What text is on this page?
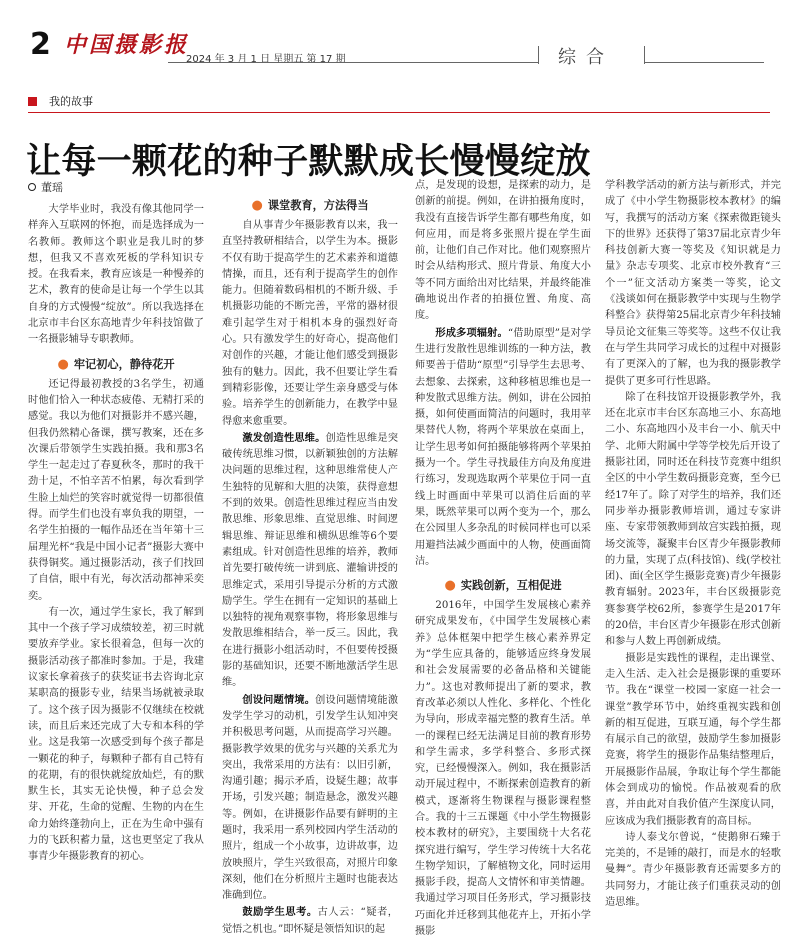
2 中国摄影报
2024 年 3 月 1 日 星期五 第 17 期	综合
我的故事
让每一颗花的种子默默成长慢慢绽放
董瑶

大学毕业时，我没有像其他同学一样奔入互联网的怀抱，而是选择成为一名教师。教师这个职业是我儿时的梦想，但我又不喜欢死板的学科知识专授。在我看来，教育应该是一种慢养的艺术，教育的使命是让每一个学生以其自身的方式慢慢“绽放”。所以我选择在北京市丰台区东高地青少年科技馆做了一名摄影辅导专职教师。

● 牢记初心，静待花开

还记得最初教授的3名学生，初通时他们恰入一种状态疲倦、无精打采的感觉。我以为他们对摄影并不感兴趣，但我仍然精心备课，撰写教案，还在多次课后带领学生实践拍摄。我和那3名学生一起走过了春夏秋冬，那时的我干劲十足，不怕辛苦不怕累，每次看到学生脸上灿烂的笑容时就觉得一切都很值得。而学生们也没有辜负我的期望，一名学生拍摄的一幅作品还在当年第十三届理光杯“我是中国小记者”摄影大赛中获得铜奖。通过摄影活动，孩子们找回了自信，眼中有光，每次活动都神采奕奕。

有一次，通过学生家长，我了解到其中一个孩子学习成绩较差，初三时就要放弃学业。家长很着急，但每一次的摄影活动孩子都准时参加。于是，我建议家长拿着孩子的获奖证书去咨询北京某职高的摄影专业，结果当场就被录取了。这个孩子因为摄影不仅继续在校就读，而且后来还完成了大专和本科的学业。这是我第一次感受到每个孩子都是一颗花的种子，每颗种子都有自己特有的花期，有的很快就绽放灿烂，有的默默生长，其实无论快慢，种子总会发芽、开花，生命的觉醒、生物的内在生命力始终蓬勃向上，正在为生命中强有力的飞跃积蓄力量，这也更坚定了我从事青少年摄影教育的初心。

● 课堂教育，方法得当

自从事青少年摄影教育以来，我一直坚持教研相结合，以学生为本。摄影不仅有助于提高学生的艺术素养和道德情操，而且，还有利于提高学生的创作能力。但随着数码相机的不断升级、手机摄影功能的不断完善，平常的器材很难引起学生对于相机本身的强烈好奇心。只有激发学生的好奇心，提高他们对创作的兴趣，才能让他们感受到摄影独有的魅力。因此，我不但要让学生看到精彩影像，还要让学生亲身感受与体验。培养学生的创新能力，在教学中显得愈来愈重要。

激发创造性思维。创造性思维是突破传统思维习惯，以新颖独创的方法解决问题的思维过程，这种思维常使人产生独特的见解和大胆的决策，获得意想不到的效果。创造性思维过程应当由发散思维、形象思维、直觉思维、时间逻辑思维、辩证思维和横纵思维等6个要素组成。针对创造性思维的培养，教师首先要打破传统一讲到底、灌输讲授的思维定式，采用引导提示分析的方式激励学生。学生在拥有一定知识的基础上以独特的视角观察事物，将形象思维与发散思维相结合，举一反三。因此，我在进行摄影小组活动时，不但要传授摄影的基础知识，还要不断地激活学生思维。

创设问题情境。创设问题情境能激发学生学习的动机，引发学生认知冲突并积极思考问题，从而提高学习兴趣。摄影教学效果的优劣与兴趣的关系尤为突出，我常采用的方法有：以旧引新，沟通引趣；揭示矛盾，设疑生趣；故事开场，引发兴趣；制造悬念，激发兴趣等。例如，在讲摄影作品要有鲜明的主题时，我采用一系列校园内学生活动的照片，组成一个小故事，边讲故事，边放映照片，学生兴致很高，对照片印象深刻，他们在分析照片主题时也能表达准确到位。

鼓励学生思考。古人云：“疑者，觉悟之机也。”即怀疑是领悟知识的起

点，是发现的设想，是探索的动力，是创新的前提。例如，在讲拍摄角度时，我没有直接告诉学生都有哪些角度，如何应用，而是将多张照片提在学生面前，让他们自己作对比。他们观察照片时会从结构形式、照片背景、角度大小等不同方面给出对比结果，并最终能准确地说出作者的拍摄位置、角度、高度。

形成多项辐射。“借助原型”是对学生进行发散性思维训练的一种方法，教师要善于借助“原型”引导学生去思考、去想象、去探索，这种移植思维也是一种发散式思维方法。例如，讲在公园拍摄，如何使画面简洁的问题时，我用苹果替代人物，将两个苹果放在桌面上，让学生思考如何拍摄能够将两个苹果拍摄为一个。学生寻找最佳方向及角度进行练习，发现选取两个苹果位于同一直线上时画面中苹果可以消住后面的苹果，既然苹果可以两个变为一个，那么在公园里人多杂乱的时候同样也可以采用避挡法减少画面中的人物，使画面简洁。

● 实践创新，互相促进

2016年，中国学生发展核心素养研究成果发布，《中国学生发展核心素养》总体框架中把学生核心素养界定为“学生应具备的，能够适应终身发展和社会发展需要的必备品格和关键能力”。这也对教师提出了新的要求，教育改革必须以人性化、多样化、个性化为导向，形成幸福完整的教育生活。单一的课程已经无法满足目前的教育形势和学生需求，多学科整合、多形式探究，已经慢慢深入。例如，我在摄影活动开展过程中，不断探索创造教育的新模式，逐渐将生物课程与摄影课程整合。我的十三五课题《中小学生物摄影校本教材的研究》，主要围绕十大名花探究进行编写，学生学习传统十大名花生物学知识，了解植物文化，同时运用摄影手段，提高人文情怀和审美情趣。我通过学习项目任务形式，学习摄影技巧面化并迁移到其他花卉上，开拓小学摄影

学科教学活动的新方法与新形式，并完成了《中小学生物摄影校本教材》的编写，我撰写的活动方案《探索微距镜头下的世界》还获得了第37届北京青少年科技创新大赛一等奖及《知识就是力量》杂志专项奖、北京市校外教育“三个一”征文活动方案类一等奖，论文《浅谈如何在摄影教学中实现与生物学科整合》获得第25届北京青少年科技辅导员论文征集三等奖等。这些不仅让我在与学生共同学习成长的过程中对摄影有了更深入的了解，也为我的摄影教学提供了更多可行性思路。

除了在科技馆开设摄影教学外，我还在北京市丰台区东高地三小、东高地二小、东高地四小及丰台一小、航天中学、北师大附属中学等学校先后开设了摄影社团，同时还在科技节竞赛中组织全区的中小学生数码摄影竞赛，至今已经17年了。除了对学生的培养，我们还同步举办摄影教师培训，通过专家讲座、专家带领教师到故宫实践拍摄，现场交流等，凝聚丰台区青少年摄影教师的力量，实现了点(科技馆)、线(学校社团)、面(全区学生摄影竞赛)青少年摄影教育辐射。2023年，丰台区级摄影竞赛参赛学校62所，参赛学生是2017年的20倍，丰台区青少年摄影在形式创新和参与人数上再创新成绩。

摄影是实践性的课程，走出课堂、走入生活、走入社会是摄影课的重要环节。我在“课堂一校园一家庭一社会一课堂”教学环节中，始终重视实践和创新的相互促进，互联互通，每个学生都有展示自己的欲望，鼓励学生参加摄影竞赛，将学生的摄影作品集结整理后，开展摄影作品展，争取让每个学生都能体会到成功的愉悦。作品被观看的欣喜，并由此对自我价值产生深度认同，应该成为我们摄影教育的高目标。

诗人泰戈尔曾说，“使鹅卵石臻于完美的，不是锤的敲打，而是水的轻歌曼舞”。青少年摄影教育还需要多方的共同努力，才能让孩子们重获灵动的创造思维。
